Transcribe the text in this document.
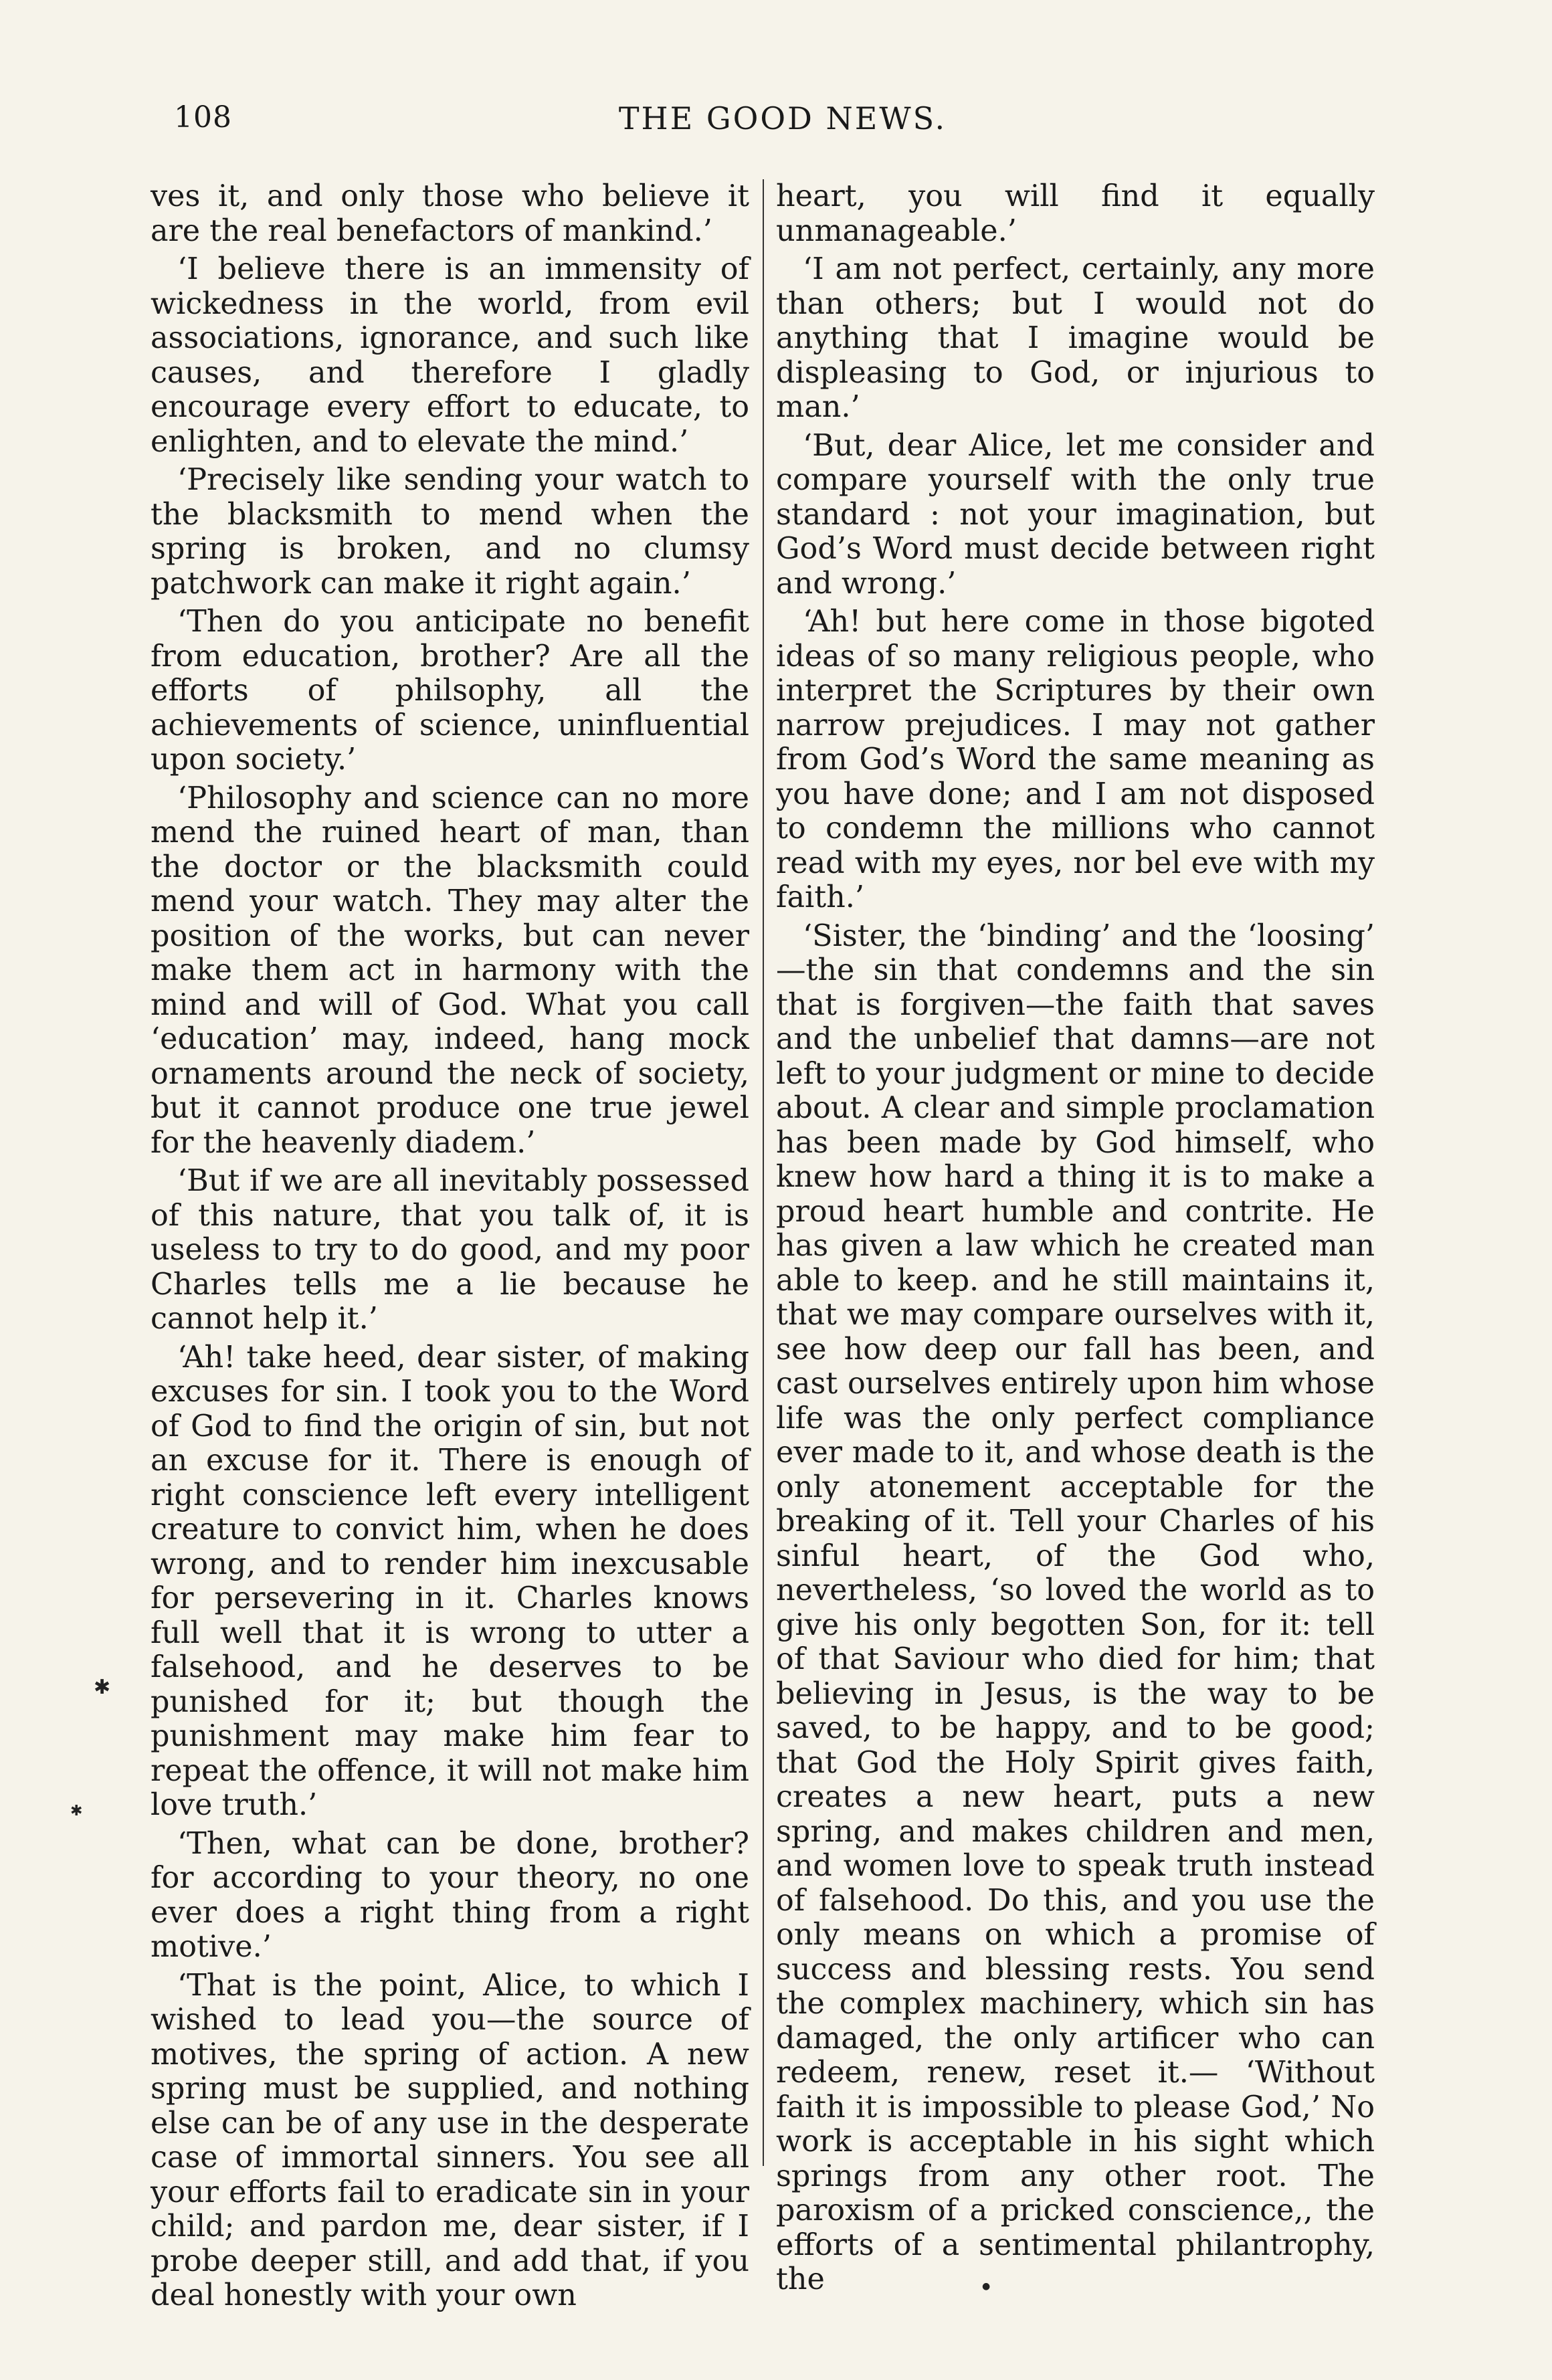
108	THE GOOD NEWS.

ves it, and only those who believe it are the real benefactors of mankind.’

‘I believe there is an immensity of wickedness in the world, from evil associations, ignorance, and such like causes, and therefore I gladly encourage every effort to educate, to enlighten, and to elevate the mind.’

‘Precisely like sending your watch to the blacksmith to mend when the spring is broken, and no clumsy patchwork can make it right again.’

‘Then do you anticipate no benefit from education, brother? Are all the efforts of philsophy, all the achievements of science, uninfluential upon society.’

‘Philosophy and science can no more mend the ruined heart of man, than the doctor or the blacksmith could mend your watch. They may alter the position of the works, but can never make them act in harmony with the mind and will of God. What you call ‘education’ may, indeed, hang mock ornaments around the neck of society, but it cannot produce one true jewel for the heavenly diadem.’

‘But if we are all inevitably possessed of this nature, that you talk of, it is useless to try to do good, and my poor Charles tells me a lie because he cannot help it.’

‘Ah! take heed, dear sister, of making excuses for sin. I took you to the Word of God to find the origin of sin, but not an excuse for it. There is enough of right conscience left every intelligent creature to convict him, when he does wrong, and to render him inexcusable for persevering in it. Charles knows full well that it is wrong to utter a falsehood, and he deserves to be punished for it; but though the punishment may make him fear to repeat the offence, it will not make him love truth.’

‘Then, what can be done, brother? for according to your theory, no one ever does a right thing from a right motive.’

‘That is the point, Alice, to which I wished to lead you—the source of motives, the spring of action. A new spring must be supplied, and nothing else can be of any use in the desperate case of immortal sinners. You see all your efforts fail to eradicate sin in your child; and pardon me, dear sister, if I probe deeper still, and add that, if you deal honestly with your own

heart, you will find it equally unmanageable.’

‘I am not perfect, certainly, any more than others; but I would not do anything that I imagine would be displeasing to God, or injurious to man.’

‘But, dear Alice, let me consider and compare yourself with the only true standard : not your imagination, but God’s Word must decide between right and wrong.’

‘Ah! but here come in those bigoted ideas of so many religious people, who interpret the Scriptures by their own narrow prejudices. I may not gather from God’s Word the same meaning as you have done; and I am not disposed to condemn the millions who cannot read with my eyes, nor bel eve with my faith.’

‘Sister, the ‘binding’ and the ‘loosing’ —the sin that condemns and the sin that is forgiven—the faith that saves and the unbelief that damns—are not left to your judgment or mine to decide about. A clear and simple proclamation has been made by God himself, who knew how hard a thing it is to make a proud heart humble and contrite. He has given a law which he created man able to keep. and he still maintains it, that we may compare ourselves with it, see how deep our fall has been, and cast ourselves entirely upon him whose life was the only perfect compliance ever made to it, and whose death is the only atonement acceptable for the breaking of it. Tell your Charles of his sinful heart, of the God who, nevertheless, ‘so loved the world as to give his only begotten Son, for it: tell of that Saviour who died for him; that believing in Jesus, is the way to be saved, to be happy, and to be good; that God the Holy Spirit gives faith, creates a new heart, puts a new spring, and makes children and men, and women love to speak truth instead of falsehood. Do this, and you use the only means on which a promise of success and blessing rests. You send the complex machinery, which sin has damaged, the only artificer who can redeem, renew, reset it.— ‘Without faith it is impossible to please God,’ No work is acceptable in his sight which springs from any other root. The paroxism of a pricked conscience,, the efforts of a sentimental philantrophy, the

✱
✱
●
